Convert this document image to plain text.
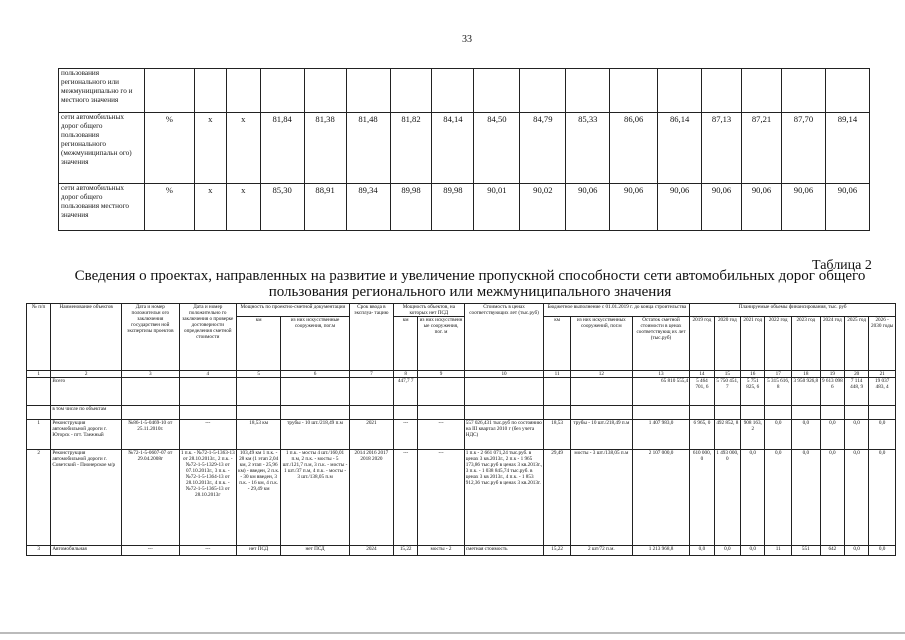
33
пользования регионального или межмуниципально го и местного значения																	
сети автомобильных дорог общего пользования регионального (межмуниципальн ого) значения	%	х	х	81,84	81,38	81,48	81,82	84,14	84,50	84,79	85,33	86,06	86,14	87,13	87,21	87,70	89,14
сети автомобильных дорог общего пользования местного значения	%	х	х	85,30	88,91	89,34	89,98	89,98	90,01	90,02	90,06	90,06	90,06	90,06	90,06	90,06	90,06
Таблица 2
Сведения о проектах, направленных на развитие и увеличение пропускной способности сети автомобильных дорог общего пользования регионального или межмуниципального значения
№ п/п	Наименование объектов	Дата и номер положительн ого заключения государствен ной экспертизы проектов	Дата и номер положительно го заключения о проверке достоверности определения сметной стоимости	Мощность по проектно-сметной документации		Срок ввода в эксплуа- тацию	Мощность объектов, на которых нет ПСД		Стоимость в ценах соответствующих лет (тыс.руб)	Бюджетное выполнение с 01.01.2019 г. до конца строительства			Планируемые объемы финансирования, тыс. руб							
				км	из них искусственные сооружения, пог.м		км	из них искусственн ые сооружения, пог. м		км	из них искусственных сооружений, пог.м	Остаток сметной стоимости в ценах соответствующ их лет (тыс.руб)	2019 год	2020 год	2021 год	2022 год	2023 год	2024 год	2025 год	2026 - 2030 годы
1	2	3	4	5	6	7	8	9	10	11	12	13	14	15	16	17	18	19	20	21
	Всего						447,7 7					65 810 555,4	5 464 701, 6	5 750 451, 7	5 751 825, 6	5 315 616, 8	3 950 926,8	9 613 098 6	7 114 448, 9	19 037 483, 4
	в том числе по объектам																			
1	Реконструкция автомобильной дороги г. Югорск - пгт. Таежный	№86-1-5-0469-10 от 25.11.2010г.	---	18,53 км	трубы - 10 шт./218,49 п.м	2021	---	---	557 026,431 тыс.руб по состоянию на III квартал 2010 г (без учета НДС)	18,53	трубы - 10 шт./218,49 п.м	1 407 983,0	6 965, 0	492 852, 8	908 163, 2	0,0	0,0	0,0	0,0	0,0
2	Реконструкция автомобильной дороги г. Советский - Пионерское м/р	№72-1-5-0607-07 от 29.04.2008г	1 п.к. - №72-1-5-1363-13 от 28.10.2013г., 2 п.к. - №72-1-5-1329-13 от 07.10.2013г., 3 п.к. - №72-1-5-1364-13 от 28.10.2013г., 4 п.к. - №72-1-5-1365-13 от 28.10.2013г	103,49 км 1 п.к. - 28 км (1 этап 2,04 км, 2 этап - 25,96 км) - введен, 2 п.к. - 30 км введен, 3 п.к. - 16 км, 4 п.к. - 29,49 км	1 п.к. - мосты 4 шт./160,01 п.м, 2 п.к. - мосты - 5 шт./121,7 п.м, 3 п.к. - мосты - 1 шт./37 п.м, 4 п.к. - мосты - 3 шт./138,05 п.м	2014 2016 2017 2018 2020	---	---	1 п.к - 2 661 071,24 тыс.руб. в ценах 3 кв.2013г., 2 п.к - 1 965 173,86 тыс.руб в ценах 3 кв.2013г., 3 п.к. - 1 038 845,74 тыс.руб. в ценах 3 кв 2013г., 4 п.к. - 1 853 912,36 тыс.руб в ценах 3 кв.2013г.	29,49	мосты - 3 шт./138,05 п.м	2 107 000,0	610 000, 0	1 493 000, 0	0,0	0,0	0,0	0,0	0,0	0,0
3	Автомобильная	---	---	нет ПСД	нет ПСД	2024	15,22	мосты - 2	сметная стоимость	15,22	2 шт/72 п.м.	1 213 968,8	0,0	0,0	0,0	11	551	642	0,0	0,0
